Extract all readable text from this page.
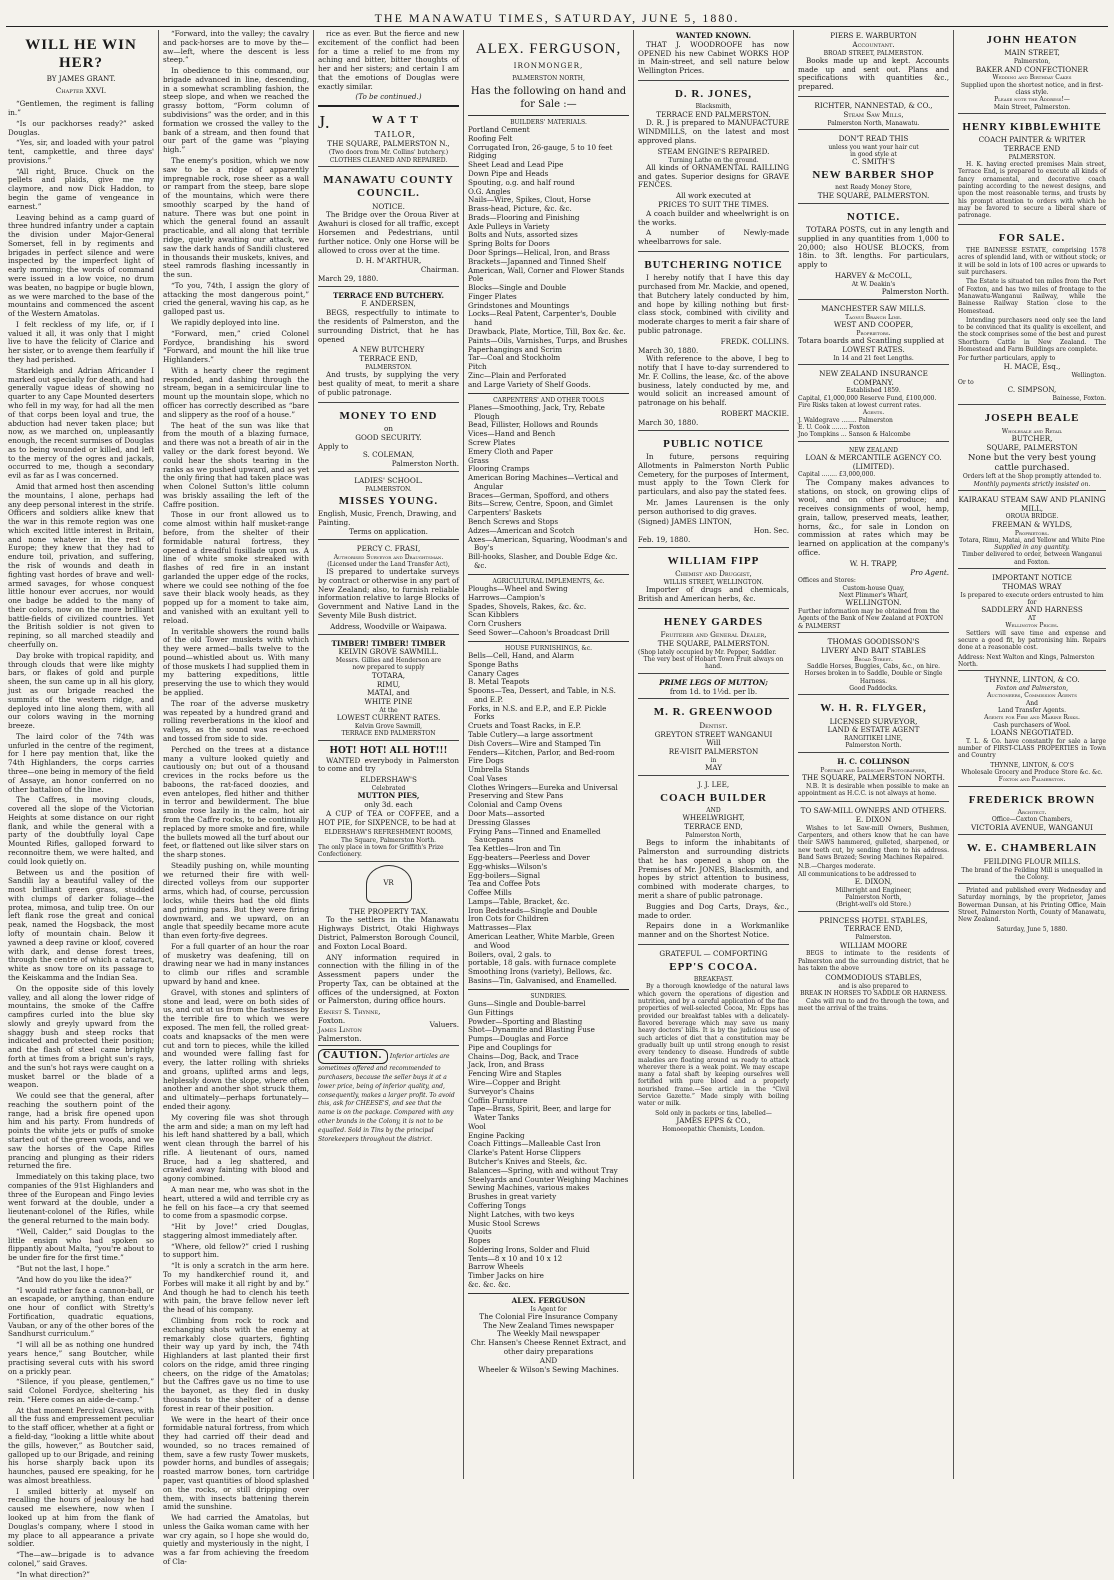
THE MANAWATU TIMES, SATURDAY, JUNE 5, 1880.
WILL HE WIN HER?
BY JAMES GRANT.
Chapter XXVI.

“Gentlemen, the regiment is falling in.”

“Is our packhorses ready?” asked Douglas.

“Yes, sir, and loaded with your patrol tent, campkettle, and three days' provisions.”

“All right, Bruce. Chuck on the pellets and plaids, give me my claymore, and now Dick Haddon, to begin the game of vengeance in earnest.”

Leaving behind as a camp guard of three hundred infantry under a captain the division under Major-General Somerset, fell in by regiments and brigades in perfect silence and were inspected by the imperfect light of early morning; the words of command were issued in a low voice, no drum was beaten, no bagpipe or bugle blown, as we were marched to the base of the mountains and commenced the ascent of the Western Amatolas.

I felt reckless of my life, or, if I valued it all, it was only that I might live to have the felicity of Clarice and her sister, or to avenge them fearfully if they had perished.

Starkleigh and Adrian Africander I marked out specially for death, and had generally vague ideas of showing no quarter to any Cape Mounted deserters who fell in my way, for had all the men of that corps been loyal and true, the abduction had never taken place; but now, as we marched on, unpleasantly enough, the recent surmises of Douglas as to being wounded or killed, and left to the mercy of the ogres and jackals, occurred to me, though a secondary evil as far as I was concerned.

Amid that armed host then ascending the mountains, I alone, perhaps had any deep personal interest in the strife. Officers and soldiers alike knew that the war in this remote region was one which excited little interest in Britain, and none whatever in the rest of Europe; they knew that they had to endure toil, privation, and suffering, the risk of wounds and death in fighting vast hordes of brave and well-armed savages, for whose conquest little honour ever accrues, nor would one badge be added to the many of their colors, now on the more brilliant battle-fields of civilized countries. Yet the British soldier is not given to repining, so all marched steadily and cheerfully on.

Day broke with tropical rapidity, and through clouds that were like mighty bars, or flakes of gold and purple sheen, the sun came up in all his glory, just as our brigade reached the summits of the western ridge, and deployed into line along them, with all our colors waving in the morning breeze.

The laird color of the 74th was unfurled in the centre of the regiment, for I here pay mention that, like the 74th Highlanders, the corps carries three—one being in memory of the field of Assaye, an honor conferred on no other battalion of the line.

The Caffres, in moving clouds, covered all the slope of the Victorian Heights at some distance on our right flank, and while the general with a party of the doubtfully loyal Cape Mounted Rifles, galloped forward to reconnoitre them, we were halted, and could look quietly on.

Between us and the position of Sandili lay a beautiful valley of the most brilliant green grass, studded with clumps of darker foliage—the protea, mimosa, and tulip tree. On our left flank rose the great and conical peak, named the Hogsback, the most lofty of mountain chain. Below it yawned a deep ravine or kloof, covered with dark, and dense forest trees, through the centre of which a cataract, white as snow tore on its passage to the Keiskamma and the Indian Sea.

On the opposite side of this lovely valley, and all along the lower ridge of mountains, the smoke of the Caffre campfires curled into the blue sky slowly and greyly upward from the shaggy bush and steep rocks that indicated and protected their position; and the flash of steel came brightly forth at times from a bright sun's rays, and the sun's hot rays were caught on a musket barrel or the blade of a weapon.

We could see that the general, after reaching the southern point of the range, had a brisk fire opened upon him and his party. From hundreds of points the white jets or puffs of smoke started out of the green woods, and we saw the horses of the Cape Rifles prancing and plunging as their riders returned the fire.

Immediately on this taking place, two companies of the 91st Highlanders and three of the European and Fingo levies went forward at the double, under a lieutenant-colonel of the Rifles, while the general returned to the main body.

“Well, Calder,” said Douglas to the little ensign who had spoken so flippantly about Malta, “you're about to be under fire for the first time.”

“But not the last, I hope.”

“And how do you like the idea?”

“I would rather face a cannon-ball, or an escapade, or anything, than endure one hour of conflict with Stretty's Fortification, quadratic equations, Vauban, or any of the other bores of the Sandhurst curriculum.”

“I will all be as nothing one hundred years hence,” sang Boutcher, while practising several cuts with his sword on a prickly pear.

“Silence, if you please, gentlemen,” said Colonel Fordyce, sheltering his rein. “Here comes an aide-de-camp.”

At that moment Percival Graves, with all the fuss and empressement peculiar to the staff officer, whether at a fight or a field-day, “looking a little white about the gills, however,” as Boutcher said, galloped up to our Brigade, and reining his horse sharply back upon its haunches, paused ere speaking, for he was almost breathless.

I smiled bitterly at myself on recalling the hours of jealousy he had caused me elsewhere, now when I looked up at him from the flank of Douglas's company, where I stood in my place to all appearance a private soldier.

“The—aw—brigade is to advance colonel,” said Graves.

“In what direction?”

“Forward, into the valley; the cavalry and pack-horses are to move by the—aw—left, where the descent is less steep.”

In obedience to this command, our brigade advanced in line, descending, in a somewhat scrambling fashion, the steep slope, and when we reached the grassy bottom, “Form column of subdivisions” was the order, and in this formation we crossed the valley to the bank of a stream, and then found that our part of the game was “playing high.”

The enemy's position, which we now saw to be a ridge of apparently impregnable rock, rose sheer as a wall or rampart from the steep, bare slope of the mountains, which were there smoothly scarped by the hand of nature. There was but one point in which the general found an assault practicable, and all along that terrible ridge, quietly awaiting our attack, we saw the dark hands of Sandili clustered in thousands their muskets, knives, and steel ramrods flashing incessantly in the sun.

“To you, 74th, I assign the glory of attacking the most dangerous point,” cried the general, waving his cap, as he galloped past us.

We rapidly deployed into line.

“Forward, men,” cried Colonel Fordyce, brandishing his sword “Forward, and mount the hill like true Highlanders.”

With a hearty cheer the regiment responded, and dashing through the stream, began in a semicircular line to mount up the mountain slope, which no officer has correctly described as “bare and slippery as the roof of a house.”

The heat of the sun was like that from the mouth of a blazing furnace, and there was not a breath of air in the valley or the dark forest beyond. We could hear the shots tearing in the ranks as we pushed upward, and as yet the only firing that had taken place was when Colonel Sutton's little column was briskly assailing the left of the Caffre position.

Those in our front allowed us to come almost within half musket-range before, from the shelter of their formidable natural fortress, they opened a dreadful fusillade upon us. A line of white smoke streaked with flashes of red fire in an instant garlanded the upper edge of the rocks, where we could see nothing of the foe save their black wooly heads, as they popped up for a moment to take aim, and vanished with an exultant yell to reload.

In veritable showers the round balls of the old Tower muskets with which they were armed—balls twelve to the pound—whistled about us. With many of those muskets I had supplied them in my battering expeditions, little preserving the use to which they would be applied.

The roar of the adverse musketry was repeated by a hundred grand and rolling reverberations in the kloof and valleys, as the sound was re-echoed and tossed from side to side.

Perched on the trees at a distance many a vulture looked quietly and cautiously on; but out of a thousand crevices in the rocks before us the baboons, the rat-faced doozies, and even antelopes, fled hither and thither in terror and bewilderment. The blue smoke rose lazily in the calm, hot air from the Caffre rocks, to be continually replaced by more smoke and fire, while the bullets mowed all the turf about our feet, or flattened out like silver stars on the sharp stones.

Steadily pushing on, while mounting we returned their fire with well-directed volleys from our supporter arms, which had, of course, percussion locks, while theirs had the old flints and priming pans. But they were firing downward, and we upward, on an angle that speedily became more acute than even forty-five degrees.

For a full quarter of an hour the roar of musketry was deafening, till on drawing near we had in many instances to climb our rifles and scramble upward by hand and knee.

Gravel, with stones and splinters of stone and lead, were on both sides of us, and cut at us from the fastnesses by the terrible fire to which we were exposed. The men fell, the rolled great-coats and knapsacks of the men were cut and torn to pieces, while the killed and wounded were falling fast for every, the latter rolling with shrieks and groans, uplifted arms and legs, helplessly down the slope, where often another and another shot struck them, and ultimately—perhaps fortunately—ended their agony.

My covering file was shot through the arm and side; a man on my left had his left hand shattered by a ball, which went clean through the barrel of his rifle. A lieutenant of ours, named Bruce, had a leg shattered, and crawled away fainting with blood and agony combined.

A man near me, who was shot in the heart, uttered a wild and terrible cry as he fell on his face—a cry that seemed to come from a spasmodic corpse.

“Hit by Jove!” cried Douglas, staggering almost immediately after.

“Where, old fellow?” cried I rushing to support him.

“It is only a scratch in the arm here. To my handkerchief round it, and Forbes will make it all right by and by.” And though he had to clench his teeth with pain, the brave fellow never left the head of his company.

Climbing from rock to rock and exchanging shots with the enemy at remarkably close quarters, fighting their way up yard by inch, the 74th Highlanders at last planted their first colors on the ridge, amid three ringing cheers, on the ridge of the Amatolas; but the Caffres gave us no time to use the bayonet, as they fled in dusky thousands to the shelter of a dense forest in rear of their position.

We were in the heart of their once formidable natural fortress, from which they had carried off their dead and wounded, so no traces remained of them, save a few rusty Tower muskets, powder horns, and bundles of assegais; roasted marrow bones, torn cartridge paper, vast quantities of blood splashed on the rocks, or still dripping over them, with insects battening therein amid the sunshine.

We had carried the Amatolas, but unless the Gaika woman came with her war cry again, so I hope she would do, quietly and mysteriously in the night, I was a far from achieving the freedom of Cla-

rice as ever. But the fierce and new excitement of the conflict had been for a time a relief to me from my aching and bitter, bitter thoughts of her and her sisters; and certain I am that the emotions of Douglas were exactly similar.

(To be continued.)
J.	W A T T
TAILOR,
THE SQUARE, PALMERSTON N.,
(Two doors from Mr. Collins' butchery.)
CLOTHES CLEANED AND REPAIRED.
MANAWATU COUNTY COUNCIL.
NOTICE.

The Bridge over the Oroua River at Awahuri is closed for all traffic, except Horsemen and Pedestrians, until further notice. Only one Horse will be allowed to cross over at the time.

D. H. M'ARTHUR,
Chairman.
March 29, 1880.
TERRACE END BUTCHERY.
F. ANDERSEN,

BEGS, respectfully to intimate to the residents of Palmerston, and the surrounding District, that he has opened

A NEW BUTCHERY
TERRACE END,
PALMERSTON.

And trusts, by supplying the very best quality of meat, to merit a share of public patronage.

MONEY TO END
on
GOOD SECURITY.
Apply to
S. COLEMAN,
Palmerston North.
LADIES' SCHOOL.
PALMERSTON.
MISSES YOUNG.
English, Music, French, Drawing, and Painting.
Terms on application.
PERCY C. FRASI,
Authorised Surveyor and Draughtsman.
(Licensed under the Land Transfer Act),

IS prepared to undertake surveys by contract or otherwise in any part of New Zealand; also, to furnish reliable information relative to large Blocks of Government and Native Land in the Seventy Mile Bush district.

Address, Woodville or Waipawa.
TIMBER! TIMBER! TIMBER
KELVIN GROVE SAWMILL.
Messrs. Gillies and Henderson are
now prepared to supply
TOTARA,
RIMU,
MATAI, and
WHITE PINE
At the
LOWEST CURRENT RATES.
Kelvin Grove Sawmill,
TERRACE END PALMERSTON
HOT! HOT! ALL HOT!!!

WANTED everybody in Palmerston to come and try

ELDERSHAW'S
Celebrated
MUTTON PIES,
only 3d. each

A CUP of TEA or COFFEE, and a HOT PIE, for SIXPENCE, to be had at

ELDERSHAW'S REFRESHMENT ROOMS,
The Square, Palmerston North.
The only place in town for Griffith's Prize Confectionery.
VR
THE PROPERTY TAX.

To the settlers in the Manawatu Highways District, Otaki Highways District, Palmerston Borough Council, and Foxton Local Board.

ANY information required in connection with the filling in of the Assessment papers under the Property Tax, can be obtained at the offices of the undersigned, at Foxton or Palmerston, during office hours.

Ernest S. Thynne,
Foxton.
James Linton
Palmerston.
Valuers.
CAUTION. Inferior articles are sometimes offered and recommended to purchasers, because the seller buys it at a lower price, being of inferior quality, and, consequently, makes a larger profit. To avoid this, ask for CHEESE'S, and see that the name is on the package. Compared with any other brands in the Colony, it is not to be equalled. Sold in Tins by the principal Storekeepers throughout the district.
ALEX. FERGUSON,
IRONMONGER,
PALMERSTON NORTH,
Has the following on hand and for Sale :—
BUILDERS' MATERIALS.
Portland Cement
Roofing Felt
Corrugated Iron, 26-gauge, 5 to 10 feet
Ridging
Sheet Lead and Lead Pipe
Down Pipe and Heads
Spouting, o.g. and half round
O.G. Angles
Nails—Wire, Spikes, Clout, Horse
Brass-head, Picture, &c. &c.
Brads—Flooring and Finishing
Axle Pulleys in Variety
Bolts and Nuts, assorted sizes
Spring Bolts for Doors
Door Springs—Helical, Iron, and Brass
Brackets—Japanned and Tinned Shelf
American, Wall, Corner and Flower Stands
Pole
Blocks—Single and Double
Finger Plates
Grindstones and Mountings
Locks—Real Patent, Carpenter's, Double hand
Drawback, Plate, Mortice, Till, Box &c. &c.
Paints—Oils, Varnishes, Turps, and Brushes
Paperhangings and Scrim
Tar—Coal and Stockholm
Pitch
Zinc—Plain and Perforated
and Large Variety of Shelf Goods.
CARPENTERS' AND OTHER TOOLS
Planes—Smoothing, Jack, Try, Rebate Plough
Bead, Fillister, Hollows and Rounds
Vices—Hand and Bench
Screw Plates
Emery Cloth and Paper
Grass
Flooring Cramps
American Boring Machines—Vertical and Angular
Braces—German, Spofford, and others
Bits—Screw, Centre, Spoon, and Gimlet
Carpenters' Baskets
Bench Screws and Stops
Adzes—American and Scotch
Axes—American, Squaring, Woodman's and Boy's
Bill-hooks, Slasher, and Double Edge &c. &c.
AGRICULTURAL IMPLEMENTS, &c.
Ploughs—Wheel and Swing
Harrows—Campion's
Spades, Shovels, Rakes, &c. &c.
Scan Kibblers
Corn Crushers
Seed Sower—Cahoon's Broadcast Drill
HOUSE FURNISHINGS, &c.
Bells—Cell, Hand, and Alarm
Sponge Baths
Canary Cages
B. Metal Teapots
Spoons—Tea, Dessert, and Table, in N.S. and E.P.
Forks, in N.S. and E.P., and E.P. Pickle Forks
Cruets and Toast Racks, in E.P.
Table Cutlery—a large assortment
Dish Covers—Wire and Stamped Tin
Fenders—Kitchen, Parlor, and Bed-room
Fire Dogs
Umbrella Stands
Coal Vases
Clothes Wringers—Eureka and Universal
Preserving and Stew Pans
Colonial and Camp Ovens
Door Mats—assorted
Dressing Glasses
Frying Pans—Tinned and Enamelled Saucepans
Tea Kettles—Iron and Tin
Egg-beaters—Peerless and Dover
Egg-whisks—Wilson's
Egg-boilers—Signal
Tea and Coffee Pots
Coffee Mills
Lamps—Table, Bracket, &c.
Iron Bedsteads—Single and Double
Iron Cots for Children
Mattrasses—Flax
American Leather, White Marble, Green and Wood
Boilers, oval, 2 gals. to
portable, 18 gals. with furnace complete
Smoothing Irons (variety), Bellows, &c.
Basins—Tin, Galvanised, and Enamelled.
SUNDRIES.
Guns—Single and Double-barrel
Gun Fittings
Powder—Sporting and Blasting
Shot—Dynamite and Blasting Fuse
Pumps—Douglas and Force
Pipe and Couplings for
Chains—Dog, Back, and Trace
Jack, Iron, and Brass
Fencing Wire and Staples
Wire—Copper and Bright
Surveyor's Chains
Coffin Furniture
Tape—Brass, Spirit, Beer, and large for Water Tanks
Wool
Engine Packing
Coach Fittings—Malleable Cast Iron
Clarke's Patent Horse Clippers
Butcher's Knives and Steels, &c.
Balances—Spring, with and without Tray
Steelyards and Counter Weighing Machines
Sewing Machines, various makes
Brushes in great variety
Coffering Tongs
Night Latches, with two keys
Music Stool Screws
Quoits
Ropes
Soldering Irons, Solder and Fluid
Tents—8 x 10 and 10 x 12
Barrow Wheels
Timber Jacks on hire
&c. &c. &c.
ALEX. FERGUSON
Is Agent for
The Colonial Fire Insurance Company
The New Zealand Times newspaper
The Weekly Mail newspaper
Chr. Hansen's Cheese Rennet Extract, and other dairy preparations
AND
Wheeler & Wilson's Sewing Machines.
WANTED KNOWN.

THAT J. WOODROOFE has now OPENED his new Cabinet WORKS HOP in Main-street, and sell nature below Wellington Prices.

D. R. JONES,
Blacksmith,
TERRACE END PALMERSTON.

D. R. J is prepared to MANUFACTURE WINDMILLS, on the latest and most approved plans.

STEAM ENGINE'S REPAIRED.
Turning Lathe on the ground.

All kinds of ORNAMENTAL RAILLING and gates. Superior designs for GRAVE FENCES.

All work executed at
PRICES TO SUIT THE TIMES.

A coach builder and wheelwright is on the works.

A number of Newly-made wheelbarrows for sale.

BUTCHERING NOTICE

I hereby notify that I have this day purchased from Mr. Mackie, and opened, that Butchery lately conducted by him, and hope by killing nothing but first-class stock, combined with civility and moderate charges to merit a fair share of public patronage.

FREDK. COLLINS.
March 30, 1880.

With reference to the above, I beg to notify that I have to-day surrendered to Mr. F. Collins, the lease, &c. of the above business, lately conducted by me, and would solicit an increased amount of patronage on his behalf.

ROBERT MACKIE.
March 30, 1880.
PUBLIC NOTICE

In future, persons requiring Allotments in Palmerston North Public Cemetery, for the purposes of Interment, must apply to the Town Clerk for particulars, and also pay the stated fees.

Mr. James Laurensen is the only person authorised to dig graves.

(Signed) JAMES LINTON,
Hon. Sec.
Feb. 19, 1880.
WILLIAM FIPP
Chemist and Druggist,
WILLIS STREET, WELLINGTON.

Importer of drugs and chemicals, British and American herbs, &c.

HENEY GARDES
Fruiterer and General Dealer,
THE SQUARE, PALMERSTON.
(Shop lately occupied by Mr. Pepper, Saddler.
The very best of Hobart Town Fruit always on hand.
PRIME LEGS OF MUTTON;
from 1d. to 1½d. per lb.
M. R. GREENWOOD
Dentist.
GREYTON STREET WANGANUI
Will
RE-VISIT PALMERSTON
in
MAY
J. J. LEE,
COACH BUILDER
AND
WHEELWRIGHT,
TERRACE END,
Palmerston North,

Begs to inform the inhabitants of Palmerston and surrounding districts that he has opened a shop on the Premises of Mr. JONES, Blacksmith, and hopes by strict attention to business, combined with moderate charges, to merit a share of public patronage.

Buggies and Dog Carts, Drays, &c., made to order.

Repairs done in a Workmanlike manner and on the Shortest Notice.

GRATEFUL — COMFORTING
EPP'S COCOA.
BREAKFAST.

By a thorough knowledge of the natural laws which govern the operations of digestion and nutrition, and by a careful application of the fine properties of well-selected Cocoa, Mr. Epps has provided our breakfast tables with a delicately-flavored beverage which may save us many heavy doctors' bills. It is by the judicious use of such articles of diet that a constitution may be gradually built up until strong enough to resist every tendency to disease. Hundreds of subtle maladies are floating around us ready to attack wherever there is a weak point. We may escape many a fatal shaft by keeping ourselves well fortified with pure blood and a properly nourished frame.—See article in the “Civil Service Gazette.” Made simply with boiling water or milk.

Sold only in packets or tins, labelled—
JAMES EPPS & CO.,
Homoeopathic Chemists, London.
PIERS E. WARBURTON
Accountant.
BROAD STREET, PALMERSTON.

Books made up and kept. Accounts made up and sent out. Plans and specifications with quantities &c., prepared.

RICHTER, NANNESTAD, & CO.,
Steam Saw Mills,
Palmerston North, Manawatu.
DON'T READ THIS
unless you want your hair cut
in good style at
C. SMITH'S
NEW BARBER SHOP
next Ready Money Store,
THE SQUARE, PALMERSTON.
NOTICE.

TOTARA POSTS, cut in any length and supplied in any quantities from 1,000 to 20,000; also HOUSE BLOCKS, from 18in. to 3ft. lengths. For particulars, apply to

HARVEY & McCOLL,
At W. Deakin's
Palmerston North.
MANCHESTER SAW MILLS.
Taonui Branch Line.
WEST AND COOPER,
Proprietors.
Totara boards and Scantling supplied at
LOWEST RATES.
In 14 and 21 feet Lengths.
NEW ZEALAND INSURANCE COMPANY.
Established 1859.
Capital, £1,000,000 Reserve Fund, £100,000.
Fire Risks taken at lowest current rates.
Agents.
J. Waldegrave ........ Palmerston
E. U. Cook ........ Foxton
Jno Tompkins ... Sanson & Halcombe
NEW ZEALAND
LOAN & MERCANTILE AGENCY CO. (LIMITED).
Capital ........ £3,000,000.

The Company makes advances to stations, on stock, on growing clips of wool, and on other produce; and receives consignments of wool, hemp, grain, tallow, preserved meats, leather, horns, &c., for sale in London on commission at rates which may be learned on application at the company's office.

W. H. TRAPP,
Pro Agent.
Offices and Stores:
Custom-house Quay,
Next Plimmer's Wharf,
WELLINGTON.
Further information may be obtained from the Agents of the Bank of New Zealand at FOXTON & PALMERST
THOMAS GOODISSON'S
LIVERY AND BAIT STABLES
Broad Street.
Saddle Horses, Buggies, Cabs, &c., on hire.
Horses broken in to Saddle, Double or Single Harness.
Good Paddocks.
W. H. R. FLYGER,
LICENSED SURVEYOR,
LAND & ESTATE AGENT
RANGITIKEI LINE,
Palmerston North.
H. C. COLLINSON
Portrait and Landscape Photographer,
THE SQUARE, PALMERSTON NORTH.

N.B. It is desirable when possible to make an appointment as H.C.C. is not always at home.

TO SAW-MILL OWNERS AND OTHERS.
E. DIXON

Wishes to let Saw-mill Owners, Bushmen, Carpenters, and others know that he can have their SAWS hammered, gulleted, sharpened, or new teeth cut, by sending them to his address. Band Saws Brazed; Sewing Machines Repaired.

N.B.—Charges moderate.
All communications to be addressed to
E. DIXON,
Millwright and Engineer,
Palmerston North,
(Bright-well's old Store.)
PRINCESS HOTEL STABLES,
TERRACE END,
Palmerston.
WILLIAM MOORE

BEGS to intimate to the residents of Palmerston and the surrounding district, that he has taken the above

COMMODIOUS STABLES,
and is also prepared to
BREAK IN HORSES TO SADDLE OR HARNESS.

Cabs will run to and fro through the town, and meet the arrival of the trains.

JOHN HEATON
MAIN STREET,
Palmerston,
BAKER AND CONFECTIONER
Wedding and Birthday Cakes
Supplied upon the shortest notice, and in first-class style.
Please note the Address!—
Main Street, Palmerston.
HENRY KIBBLEWHITE
COACH PAINTER & WRITER
TERRACE END
PALMERSTON.

H. K. having erected premises Main street, Terrace End, is prepared to execute all kinds of fancy ornamental, and decorative coach painting according to the newest designs, and upon the most reasonable terms, and trusts by his prompt attention to orders with which he may be favored to secure a liberal share of patronage.

FOR SALE.

THE BAINESSE ESTATE, comprising 1578 acres of splendid land, with or without stock; or it will be sold in lots of 100 acres or upwards to suit purchasers.

The Estate is situated ten miles from the Port of Foxton, and has two miles of frontage to the Manawatu-Wanganui Railway, while the Bainesse Railway Station close to the Homestead.

Intending purchasers need only see the land to be convinced that its quality is excellent, and the stock comprises some of the best and purest Shorthorn Cattle in New Zealand. The Homestead and Farm Buildings are complete.

For further particulars, apply to
H. MACE, Esq.,
Wellington.
Or to
C. SIMPSON,
Bainesse, Foxton.
JOSEPH BEALE
Wholesale and Retail
BUTCHER,
SQUARE, PALMERSTON
None but the very best young cattle purchased.
Orders left at the Shop promptly attended to.
Monthly payments strictly insisted on.
KAIRAKAU STEAM SAW AND PLANING MILL,
OROUA BRIDGE.
FREEMAN & WYLDS,
Proprietors.
Totara, Rimu, Matai, and Yellow and White Pine
Supplied in any quantity.
Timber delivered to order, between Wanganui and Foxton.
IMPORTANT NOTICE
THOMAS WRAY
Is prepared to execute orders entrusted to him for
SADDLERY AND HARNESS
AT
Wellington Prices.

Settlers will save time and expense and secure a good fit, by patronising him. Repairs done at a reasonable cost.

Address: Next Walton and Kings, Palmerston North.
THYNNE, LINTON, & CO.
Foxton and Palmerston,
Auctioneers, Commission Agents
And
Land Transfer Agents.
Agents for Fire and Marine Risks.
Cash purchasers of Wool.
LOANS NEGOTIATED.

T. L. & Co. have constantly for sale a large number of FIRST-CLASS PROPERTIES in Town and Country

THYNNE, LINTON, & CO'S
Wholesale Grocery and Produce Store &c. &c.
Foxton and Palmerston.
FREDERICK BROWN
Architect.
Office—Caxton Chambers,
VICTORIA AVENUE, WANGANUI
W. E. CHAMBERLAIN
FEILDING FLOUR MILLS.
The brand of the Feilding Mill is unequalled in the Colony.

Printed and published every Wednesday and Saturday mornings, by the proprietor, James Bowerman Dunsan, at his Printing Office, Main Street, Palmerston North, County of Manawatu, New Zealand.

Saturday, June 5, 1880.
